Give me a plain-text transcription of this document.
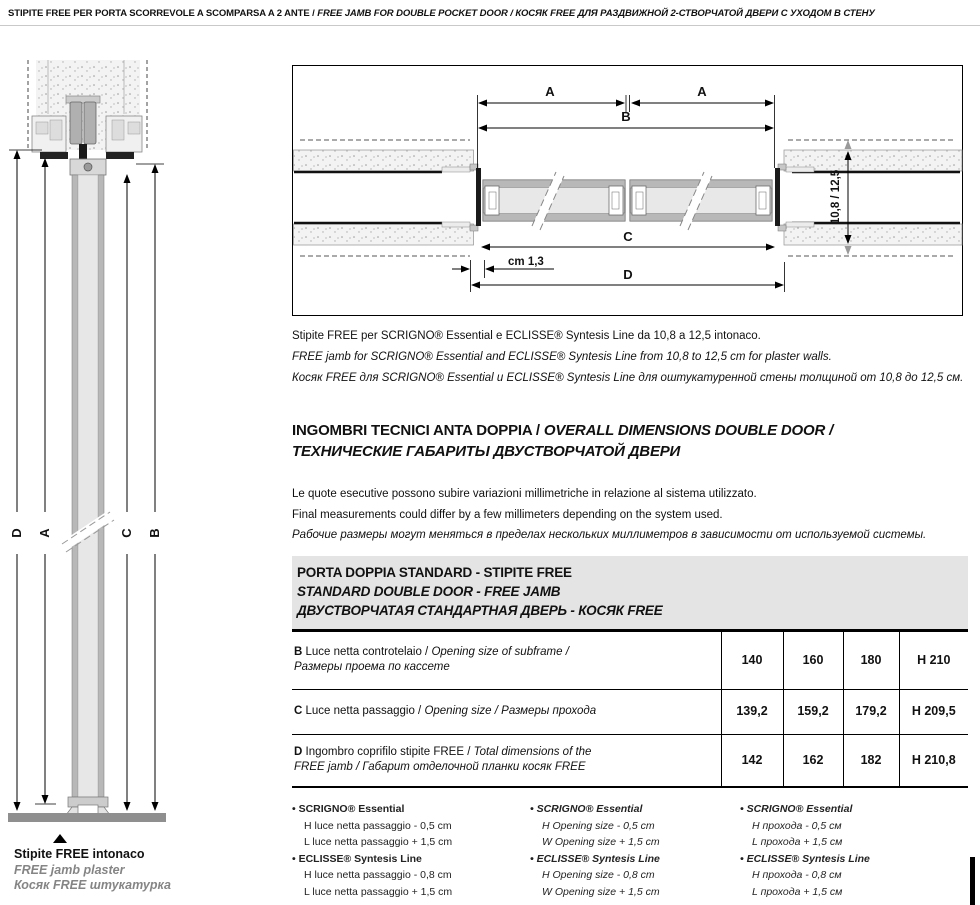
STIPITE FREE PER PORTA SCORREVOLE A SCOMPARSA A 2 ANTE / FREE JAMB FOR DOUBLE POCKET DOOR / КОСЯК FREE ДЛЯ РАЗДВИЖНОЙ 2-СТВОРЧАТОЙ ДВЕРИ С УХОДОМ В СТЕНУ
D A	C B
Stipite FREE intonaco
FREE jamb plaster
Косяк FREE штукатурка
A	A
B
C
D
cm 1,3
10,8 / 12,5
Stipite FREE per SCRIGNO® Essential e ECLISSE® Syntesis Line da 10,8 a 12,5 intonaco.
FREE jamb for SCRIGNO® Essential and ECLISSE® Syntesis Line from 10,8 to 12,5 cm for plaster walls.
Косяк FREE для SCRIGNO® Essential и ECLISSE® Syntesis Line для оштукатуренной стены толщиной от 10,8 до 12,5 см.
INGOMBRI TECNICI ANTA DOPPIA / OVERALL DIMENSIONS DOUBLE DOOR /
ТЕХНИЧЕСКИЕ ГАБАРИТЫ ДВУСТВОРЧАТОЙ ДВЕРИ
Le quote esecutive possono subire variazioni millimetriche in relazione al sistema utilizzato.
Final measurements could differ by a few millimeters depending on the system used.
Рабочие размеры могут меняться в пределах нескольких миллиметров в зависимости от используемой системы.
PORTA DOPPIA STANDARD - STIPITE FREE
STANDARD DOUBLE DOOR - FREE JAMB
ДВУСТВОРЧАТАЯ СТАНДАРТНАЯ ДВЕРЬ - КОСЯК FREE
B Luce netta controtelaio / Opening size of subframe /
Размеры проема по кассете	140	160	180	H 210
C Luce netta passaggio / Opening size / Размеры прохода	139,2	159,2	179,2	H 209,5
D Ingombro coprifilo stipite FREE / Total dimensions of the
FREE jamb / Габарит отделочной планки косяк FREE	142	162	182	H 210,8
• SCRIGNO® Essential
H luce netta passaggio - 0,5 cm
L luce netta passaggio + 1,5 cm
• ECLISSE® Syntesis Line
H luce netta passaggio - 0,8 cm
L luce netta passaggio + 1,5 cm
• SCRIGNO® Essential
H Opening size - 0,5 cm
W Opening size + 1,5 cm
• ECLISSE® Syntesis Line
H Opening size - 0,8 cm
W Opening size + 1,5 cm
• SCRIGNO® Essential
H прохода - 0,5 см
L прохода + 1,5 см
• ECLISSE® Syntesis Line
H прохода - 0,8 см
L прохода + 1,5 см
